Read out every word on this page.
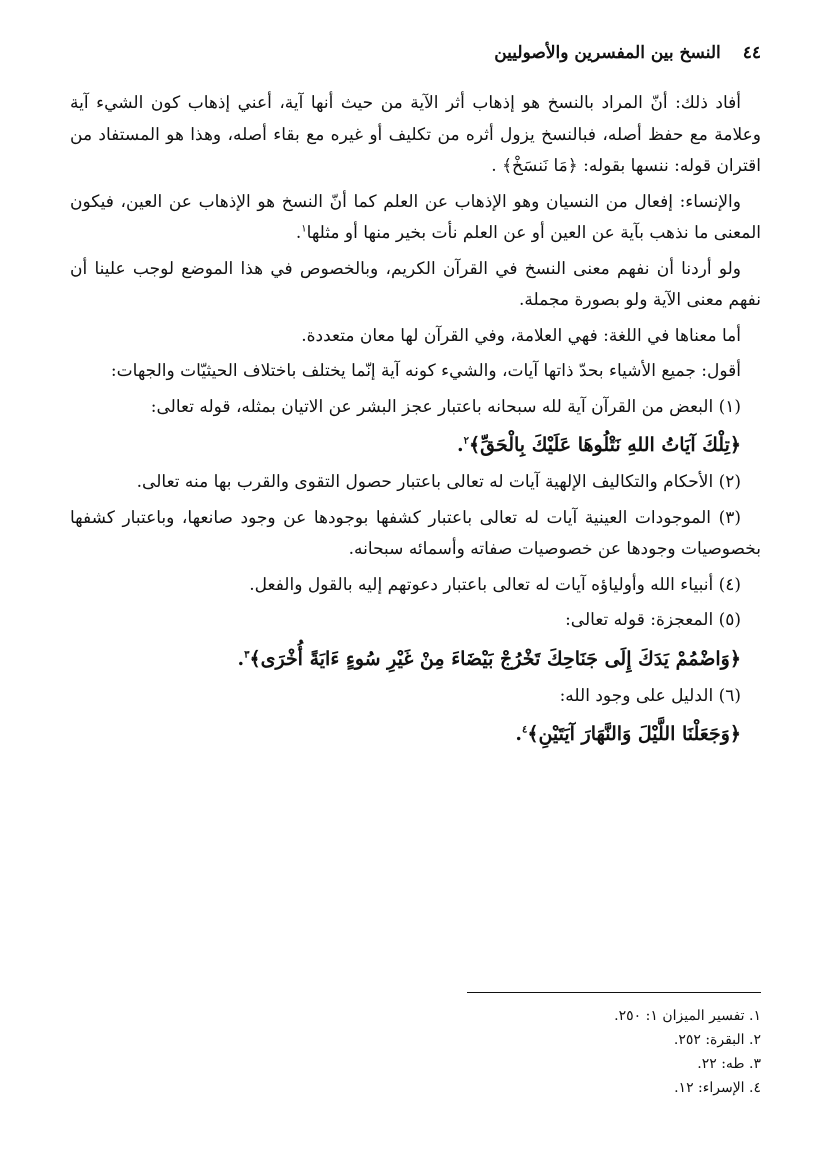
٤٤
النسخ بين المفسرين والأصوليين

أفاد ذلك: أنّ المراد بالنسخ هو إذهاب أثر الآية من حيث أنها آية، أعني إذهاب كون الشيء آية وعلامة مع حفظ أصله، فبالنسخ يزول أثره من تكليف أو غيره مع بقاء أصله، وهذا هو المستفاد من اقتران قوله: ننسها بقوله: ﴿مَا نَنسَخْ﴾ .

والإنساء: إفعال من النسيان وهو الإذهاب عن العلم كما أنّ النسخ هو الإذهاب عن العين، فيكون المعنى ما نذهب بآية عن العين أو عن العلم نأت بخير منها أو مثلها$^١$.

ولو أردنا أن نفهم معنى النسخ في القرآن الكريم، وبالخصوص في هذا الموضع لوجب علينا أن نفهم معنى الآية ولو بصورة مجملة.

أما معناها في اللغة: فهي العلامة، وفي القرآن لها معان متعددة.

أقول: جميع الأشياء بحدّ ذاتها آيات، والشيء كونه آية إنّما يختلف باختلاف الحيثيّات والجهات:

(١) البعض من القرآن آية لله سبحانه باعتبار عجز البشر عن الاتيان بمثله، قوله تعالى:

﴿تِلْكَ آيَاتُ اللهِ نَتْلُوهَا عَلَيْكَ بِالْحَقِّ﴾$^٢$.

(٢) الأحكام والتكاليف الإلهية آيات له تعالى باعتبار حصول التقوى والقرب بها منه تعالى.

(٣) الموجودات العينية آيات له تعالى باعتبار كشفها بوجودها عن وجود صانعها، وباعتبار كشفها بخصوصيات وجودها عن خصوصيات صفاته وأسمائه سبحانه.

(٤) أنبياء الله وأولياؤه آيات له تعالى باعتبار دعوتهم إليه بالقول والفعل.

(٥) المعجزة: قوله تعالى:

﴿وَاضْمُمْ يَدَكَ إِلَى جَنَاحِكَ تَخْرُجْ بَيْضَاءَ مِنْ غَيْرِ سُوءٍ ءَايَةً أُخْرَى﴾$^٣$.

(٦) الدليل على وجود الله:

﴿وَجَعَلْنَا اللَّيْلَ وَالنَّهَارَ آيَتَيْنِ﴾$^٤$.

١. تفسير الميزان ١: ٢٥٠.
٢. البقرة: ٢٥٢.
٣. طه: ٢٢.
٤. الإسراء: ١٢.
